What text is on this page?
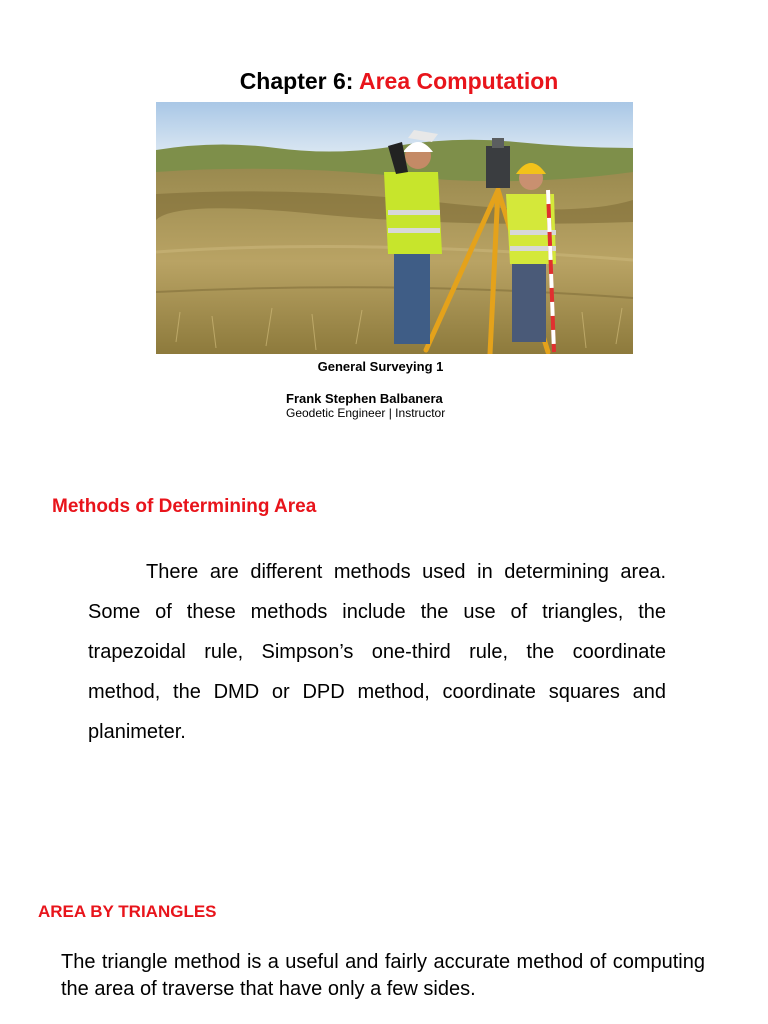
Chapter 6: Area Computation
General Surveying 1
Frank Stephen Balbanera
Geodetic Engineer | Instructor
Methods of Determining Area
There are different methods used in determining area. Some of these methods include the use of triangles, the trapezoidal rule, Simpson’s one-third rule, the coordinate method, the DMD or DPD method, coordinate squares and planimeter.
AREA BY TRIANGLES
The triangle method is a useful and fairly accurate method of computing the area of traverse that have only a few sides.
